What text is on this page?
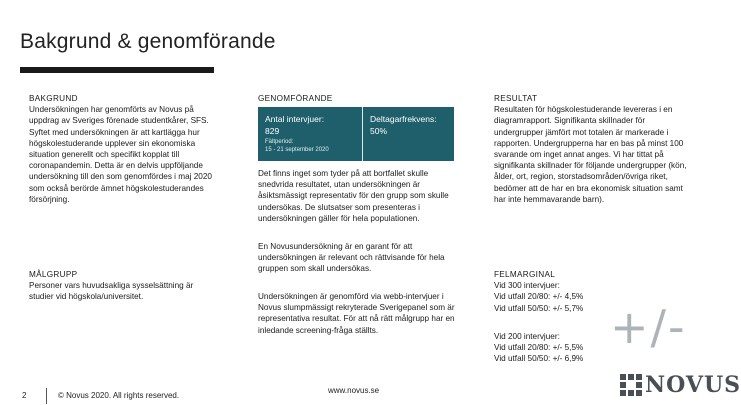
Bakgrund & genomförande

BAKGRUND

Undersökningen har genomförts av Novus på uppdrag av Sveriges förenade studentkårer, SFS. Syftet med undersökningen är att kartlägga hur högskolestuderande upplever sin ekonomiska situation generellt och specifikt kopplat till coronapandemin. Detta är en delvis uppföljande undersökning till den som genomfördes i maj 2020 som också berörde ämnet högskolestuderandes försörjning.

MÅLGRUPP

Personer vars huvudsakliga sysselsättning är studier vid högskola/universitet.

GENOMFÖRANDE

Antal intervjuer:
829
Deltagarfrekvens:
50%
Fältperiod:
15 - 21 september 2020

Det finns inget som tyder på att bortfallet skulle snedvrida resultatet, utan undersökningen är åsiktsmässigt representativ för den grupp som skulle undersökas. De slutsatser som presenteras i undersökningen gäller för hela populationen.

En Novusundersökning är en garant för att undersökningen är relevant och rättvisande för hela gruppen som skall undersökas.

Undersökningen är genomförd via webb-intervjuer i Novus slumpmässigt rekryterade Sverigepanel som är representativa resultat. För att nå rätt målgrupp har en inledande screening-fråga ställts.

RESULTAT

Resultaten för högskolestuderande levereras i en diagramrapport. Signifikanta skillnader för undergrupper jämfört mot totalen är markerade i rapporten. Undergrupperna har en bas på minst 100 svarande om inget annat anges. Vi har tittat på signifikanta skillnader för följande undergrupper (kön, ålder, ort, region, storstadsområden/övriga riket, bedömer att de har en bra ekonomisk situation samt har inte hemmavarande barn).

FELMARGINAL

Vid 300 intervjuer:

Vid utfall 20/80: +/- 4,5%

Vid utfall 50/50: +/- 5,7%

Vid 200 intervjuer:

Vid utfall 20/80: +/- 5,5%

Vid utfall 50/50: +/- 6,9%

+/-
2	© Novus 2020. All rights reserved.
www.novus.se	NOVUS
